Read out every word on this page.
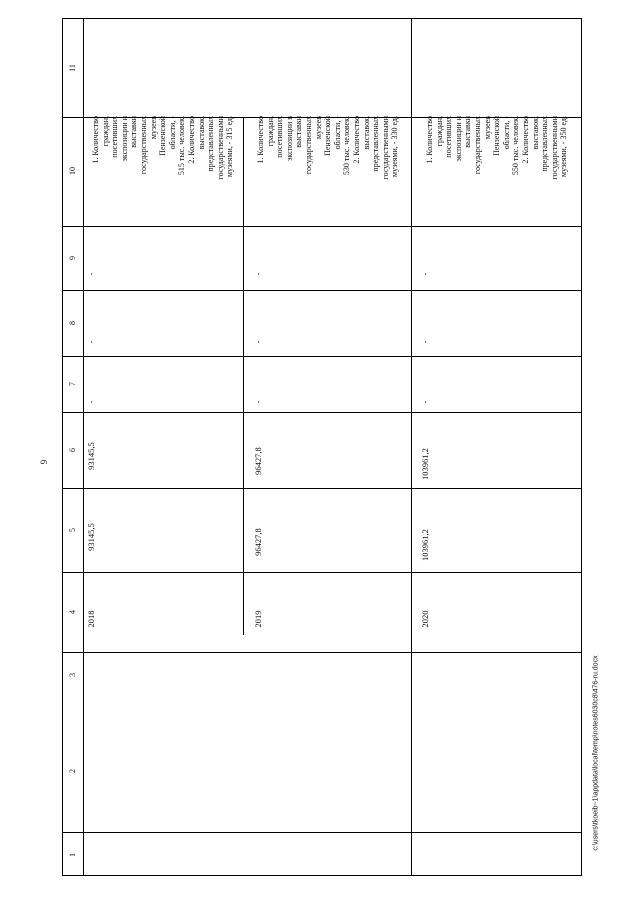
9
c:\users\tkoeib~1\appdata\local\temp\notes6030c8\476-ru.docx
11
10
9
8
7
6
5
4
3
2
1
2018
93145,5
93145,5
-
-
-
1. Количество граждан, посетивших экспозиции и выставки государственных музеев Пензенской области, - 515 тыс. человек. 2. Количество выставок, представленных государственными музеями, - 315 ед.
2019
96427,8
96427,8
-
-
-
1. Количество граждан, посетивших экспозиции в выставки государственных музеев Пензенской области, - 530 тыс. человек. 2. Количество выставок, представленных государственными музеями, - 330 ед.
2020
103961,2
103961,2
-
-
-
1. Количество граждан, посетивших экспозиции и выставки государственных музеев Пензенской области, - 550 тыс. человек. 2. Количество выставок, представленных государственными музеями, - 350 ед.
